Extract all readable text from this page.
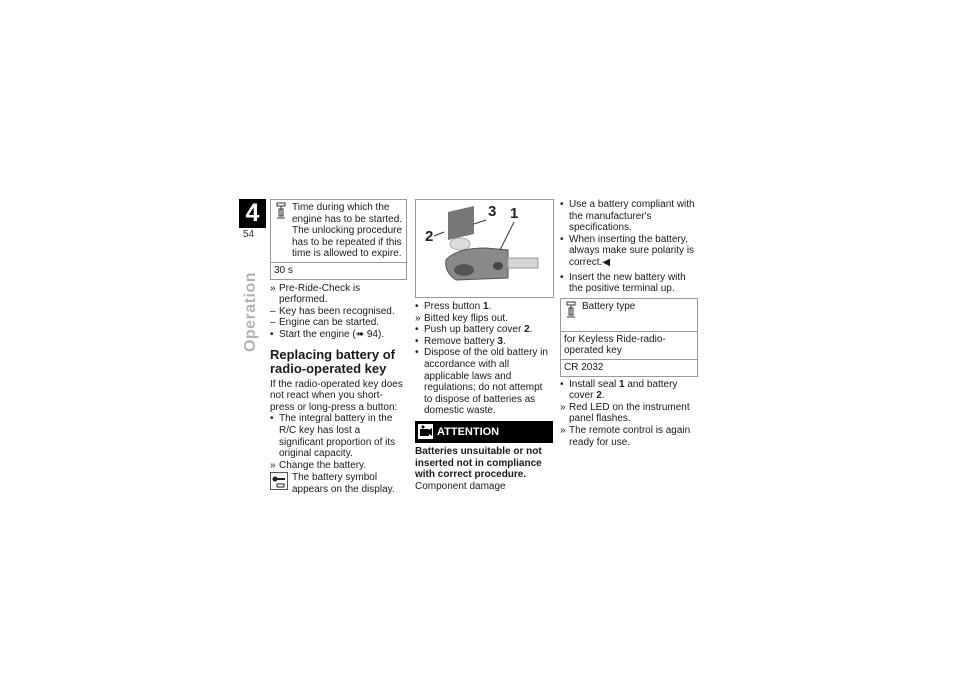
4
54
Operation
Time during which the engine has to be started. The unlocking procedure has to be repeated if this time is allowed to expire.
30 s
» Pre-Ride-Check is performed.
– Key has been recognised.
– Engine can be started.
• Start the engine (➠ 94).
Replacing battery of radio-operated key
If the radio-operated key does not react when you short-press or long-press a button:
• The integral battery in the R/C key has lost a significant proportion of its original capacity.
» Change the battery.
The battery symbol appears on the display.
3 1
2
• Press button 1.
» Bitted key flips out.
• Push up battery cover 2.
• Remove battery 3.
• Dispose of the old battery in accordance with all applicable laws and regulations; do not attempt to dispose of batteries as domestic waste.
ATTENTION
Batteries unsuitable or not inserted not in compliance with correct procedure.
Component damage
• Use a battery compliant with the manufacturer's specifications.
• When inserting the battery, always make sure polarity is correct.◀
• Insert the new battery with the positive terminal up.
Battery type
for Keyless Ride-radio-operated key
CR 2032
• Install seal 1 and battery cover 2.
» Red LED on the instrument panel flashes.
» The remote control is again ready for use.
